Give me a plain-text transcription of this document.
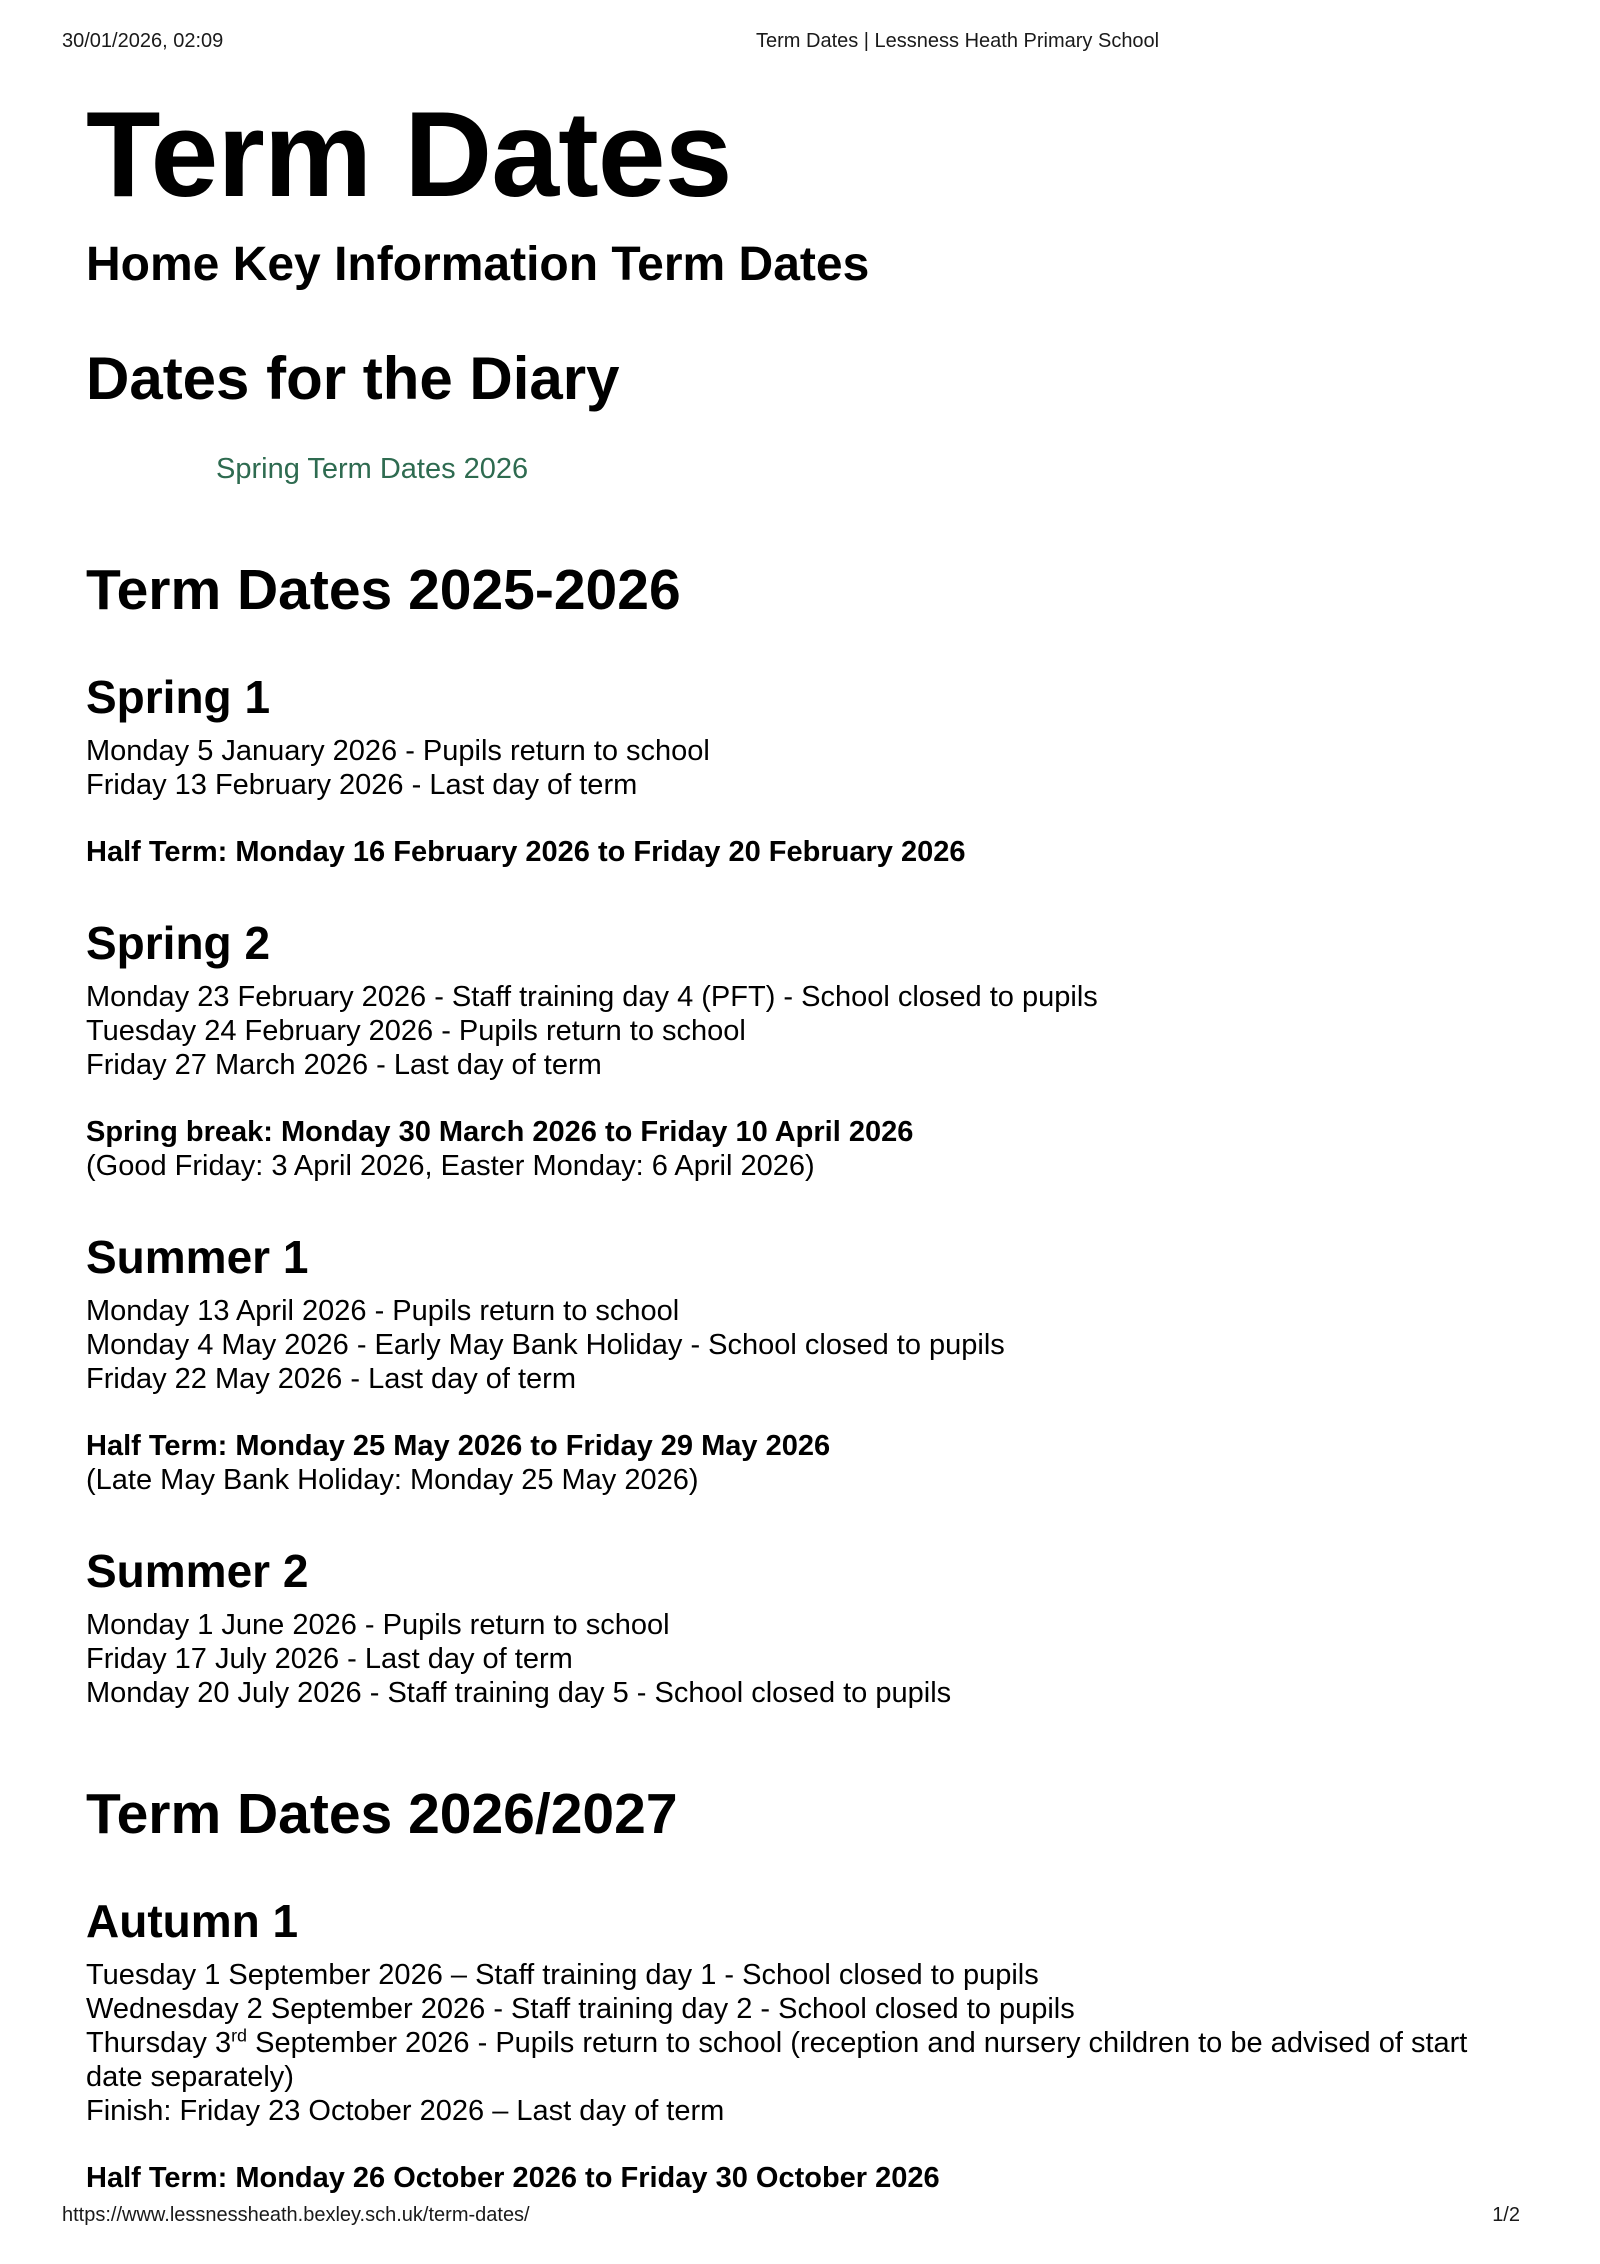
30/01/2026, 02:09	Term Dates | Lessness Heath Primary School
Term Dates
Home Key Information Term Dates
Dates for the Diary
Spring Term Dates 2026
Term Dates 2025-2026
Spring 1

Monday 5 January 2026 - Pupils return to school

Friday 13 February 2026 - Last day of term

Half Term: Monday 16 February 2026 to Friday 20 February 2026

Spring 2

Monday 23 February 2026 - Staff training day 4 (PFT) - School closed to pupils

Tuesday 24 February 2026 - Pupils return to school

Friday 27 March 2026 - Last day of term

Spring break: Monday 30 March 2026 to Friday 10 April 2026

(Good Friday: 3 April 2026, Easter Monday: 6 April 2026)

Summer 1

Monday 13 April 2026 - Pupils return to school

Monday 4 May 2026 - Early May Bank Holiday - School closed to pupils

Friday 22 May 2026 - Last day of term

Half Term: Monday 25 May 2026 to Friday 29 May 2026

(Late May Bank Holiday: Monday 25 May 2026)

Summer 2

Monday 1 June 2026 - Pupils return to school

Friday 17 July 2026 - Last day of term

Monday 20 July 2026 - Staff training day 5 - School closed to pupils

Term Dates 2026/2027
Autumn 1

Tuesday 1 September 2026 – Staff training day 1 - School closed to pupils

Wednesday 2 September 2026 - Staff training day 2 - School closed to pupils

Thursday 3rd September 2026 - Pupils return to school (reception and nursery children to be advised of start date separately)

Finish: Friday 23 October 2026 – Last day of term

Half Term: Monday 26 October 2026 to Friday 30 October 2026

https://www.lessnessheath.bexley.sch.uk/term-dates/	1/2
